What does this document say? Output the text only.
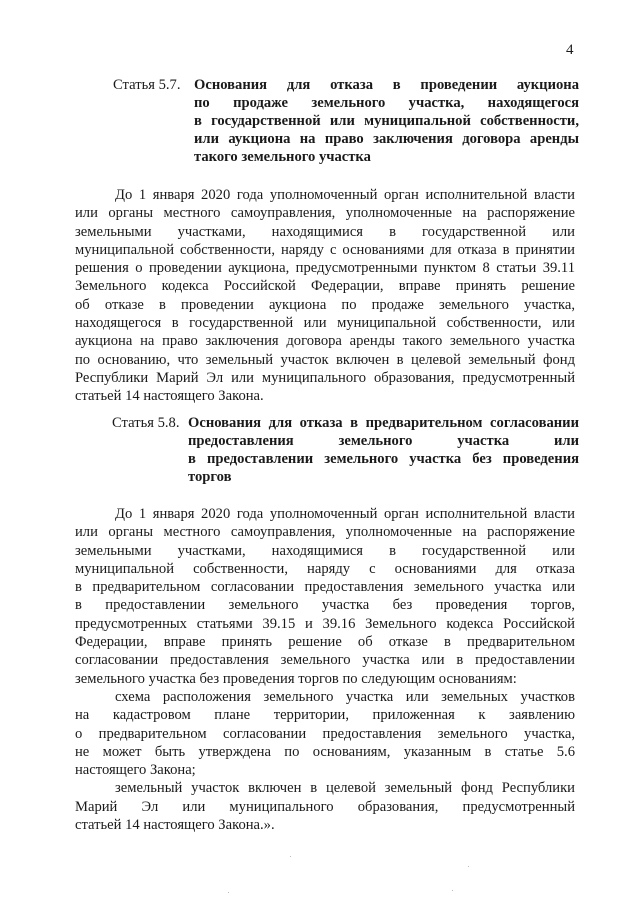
4
Статья 5.7. Основания для отказа в проведении аукциона
по продаже земельного участка, находящегося
в государственной или муниципальной собственности,
или аукциона на право заключения договора аренды
такого земельного участка
До 1 января 2020 года уполномоченный орган исполнительной власти
или органы местного самоуправления, уполномоченные на распоряжение
земельными участками, находящимися в государственной или
муниципальной собственности, наряду с основаниями для отказа в принятии
решения о проведении аукциона, предусмотренными пунктом 8 статьи 39.11
Земельного кодекса Российской Федерации, вправе принять решение
об отказе в проведении аукциона по продаже земельного участка,
находящегося в государственной или муниципальной собственности, или
аукциона на право заключения договора аренды такого земельного участка
по основанию, что земельный участок включен в целевой земельный фонд
Республики Марий Эл или муниципального образования, предусмотренный
статьей 14 настоящего Закона.
Статья 5.8. Основания для отказа в предварительном согласовании
предоставления земельного участка или
в предоставлении земельного участка без проведения
торгов
До 1 января 2020 года уполномоченный орган исполнительной власти
или органы местного самоуправления, уполномоченные на распоряжение
земельными участками, находящимися в государственной или
муниципальной собственности, наряду с основаниями для отказа
в предварительном согласовании предоставления земельного участка или
в предоставлении земельного участка без проведения торгов,
предусмотренных статьями 39.15 и 39.16 Земельного кодекса Российской
Федерации, вправе принять решение об отказе в предварительном
согласовании предоставления земельного участка или в предоставлении
земельного участка без проведения торгов по следующим основаниям:
схема расположения земельного участка или земельных участков
на кадастровом плане территории, приложенная к заявлению
о предварительном согласовании предоставления земельного участка,
не может быть утверждена по основаниям, указанным в статье 5.6
настоящего Закона;
земельный участок включен в целевой земельный фонд Республики
Марий Эл или муниципального образования, предусмотренный
статьей 14 настоящего Закона.».
